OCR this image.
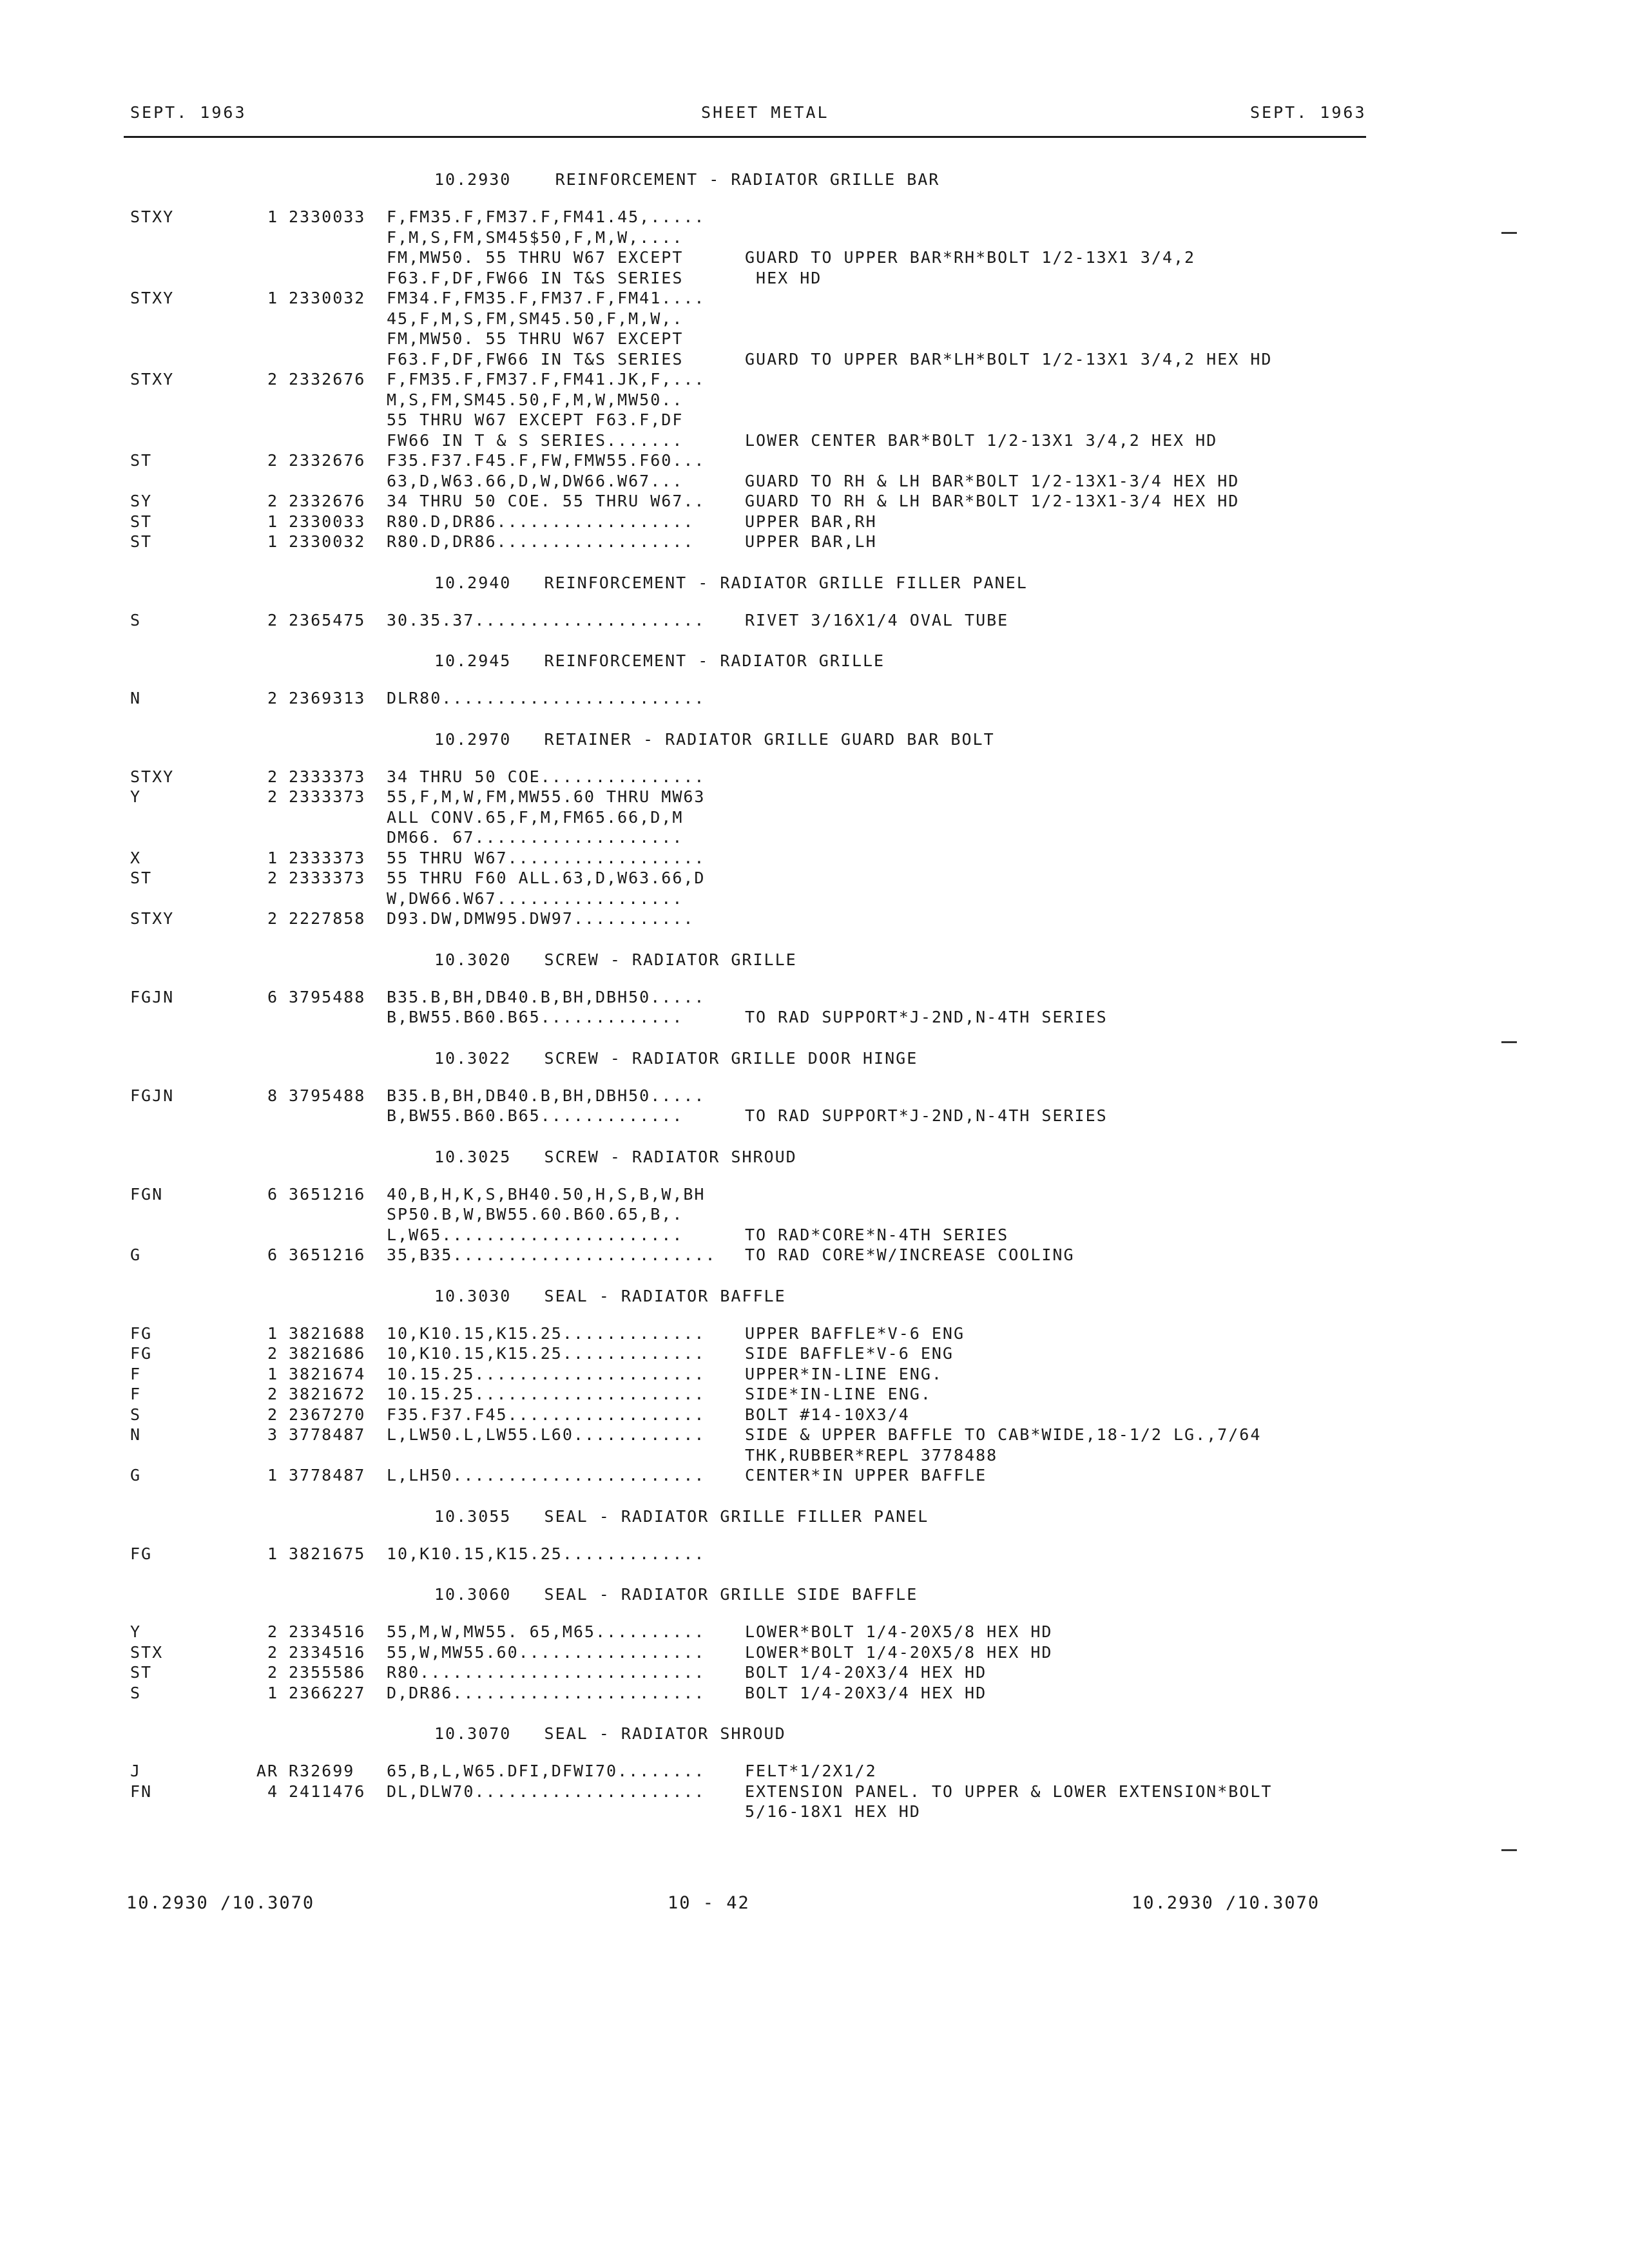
SEPT. 1963	SHEET METAL	SEPT. 1963
10.2930    REINFORCEMENT - RADIATOR GRILLE BAR
STXY	1 2330033 F,FM35.F,FM37.F,FM41.45,.....
F,M,S,FM,SM45$50,F,M,W,....
FM,MW50. 55 THRU W67 EXCEPT	GUARD TO UPPER BAR*RH*BOLT 1/2-13X1 3/4,2
F63.F,DF,FW66 IN T&S SERIES	HEX HD
STXY	1 2330032 FM34.F,FM35.F,FM37.F,FM41....
45,F,M,S,FM,SM45.50,F,M,W,.
FM,MW50. 55 THRU W67 EXCEPT
F63.F,DF,FW66 IN T&S SERIES	GUARD TO UPPER BAR*LH*BOLT 1/2-13X1 3/4,2 HEX HD
STXY	2 2332676 F,FM35.F,FM37.F,FM41.JK,F,...
M,S,FM,SM45.50,F,M,W,MW50..
55 THRU W67 EXCEPT F63.F,DF
FW66 IN T & S SERIES.......	LOWER CENTER BAR*BOLT 1/2-13X1 3/4,2 HEX HD
ST	2 2332676 F35.F37.F45.F,FW,FMW55.F60...
63,D,W63.66,D,W,DW66.W67...	GUARD TO RH & LH BAR*BOLT 1/2-13X1-3/4 HEX HD
SY	2 2332676 34 THRU 50 COE. 55 THRU W67.. GUARD TO RH & LH BAR*BOLT 1/2-13X1-3/4 HEX HD
ST	1 2330033 R80.D,DR86..................	UPPER BAR,RH
ST	1 2330032 R80.D,DR86..................	UPPER BAR,LH
10.2940   REINFORCEMENT - RADIATOR GRILLE FILLER PANEL
S	2 2365475 30.35.37..................... RIVET 3/16X1/4 OVAL TUBE
10.2945   REINFORCEMENT - RADIATOR GRILLE
N	2 2369313 DLR80........................
10.2970   RETAINER - RADIATOR GRILLE GUARD BAR BOLT
STXY	2 2333373 34 THRU 50 COE...............
Y	2 2333373 55,F,M,W,FM,MW55.60 THRU MW63
ALL CONV.65,F,M,FM65.66,D,M
DM66. 67...................
X	1 2333373 55 THRU W67..................
ST	2 2333373 55 THRU F60 ALL.63,D,W63.66,D
W,DW66.W67.................
STXY	2 2227858 D93.DW,DMW95.DW97...........
10.3020   SCREW - RADIATOR GRILLE
FGJN	6 3795488 B35.B,BH,DB40.B,BH,DBH50.....
B,BW55.B60.B65.............	TO RAD SUPPORT*J-2ND,N-4TH SERIES
10.3022   SCREW - RADIATOR GRILLE DOOR HINGE
FGJN	8 3795488 B35.B,BH,DB40.B,BH,DBH50.....
B,BW55.B60.B65.............	TO RAD SUPPORT*J-2ND,N-4TH SERIES
10.3025   SCREW - RADIATOR SHROUD
FGN	6 3651216 40,B,H,K,S,BH40.50,H,S,B,W,BH
SP50.B,W,BW55.60.B60.65,B,.
L,W65......................	TO RAD*CORE*N-4TH SERIES
G	6 3651216 35,B35........................ TO RAD CORE*W/INCREASE COOLING
10.3030   SEAL - RADIATOR BAFFLE
FG	1 3821688 10,K10.15,K15.25............. UPPER BAFFLE*V-6 ENG
FG	2 3821686 10,K10.15,K15.25............. SIDE BAFFLE*V-6 ENG
F	1 3821674 10.15.25..................... UPPER*IN-LINE ENG.
F	2 3821672 10.15.25..................... SIDE*IN-LINE ENG.
S	2 2367270 F35.F37.F45.................. BOLT #14-10X3/4
N	3 3778487 L,LW50.L,LW55.L60............ SIDE & UPPER BAFFLE TO CAB*WIDE,18-1/2 LG.,7/64
THK,RUBBER*REPL 3778488
G	1 3778487 L,LH50....................... CENTER*IN UPPER BAFFLE
10.3055   SEAL - RADIATOR GRILLE FILLER PANEL
FG	1 3821675 10,K10.15,K15.25.............
10.3060   SEAL - RADIATOR GRILLE SIDE BAFFLE
Y	2 2334516 55,M,W,MW55. 65,M65.......... LOWER*BOLT 1/4-20X5/8 HEX HD
STX	2 2334516 55,W,MW55.60................. LOWER*BOLT 1/4-20X5/8 HEX HD
ST	2 2355586 R80.......................... BOLT 1/4-20X3/4 HEX HD
S	1 2366227 D,DR86....................... BOLT 1/4-20X3/4 HEX HD
10.3070   SEAL - RADIATOR SHROUD
J	AR R32699 65,B,L,W65.DFI,DFWI70........ FELT*1/2X1/2
FN	4 2411476 DL,DLW70..................... EXTENSION PANEL. TO UPPER & LOWER EXTENSION*BOLT
5/16-18X1 HEX HD
10.2930 /10.3070	10 - 42	10.2930 /10.3070
